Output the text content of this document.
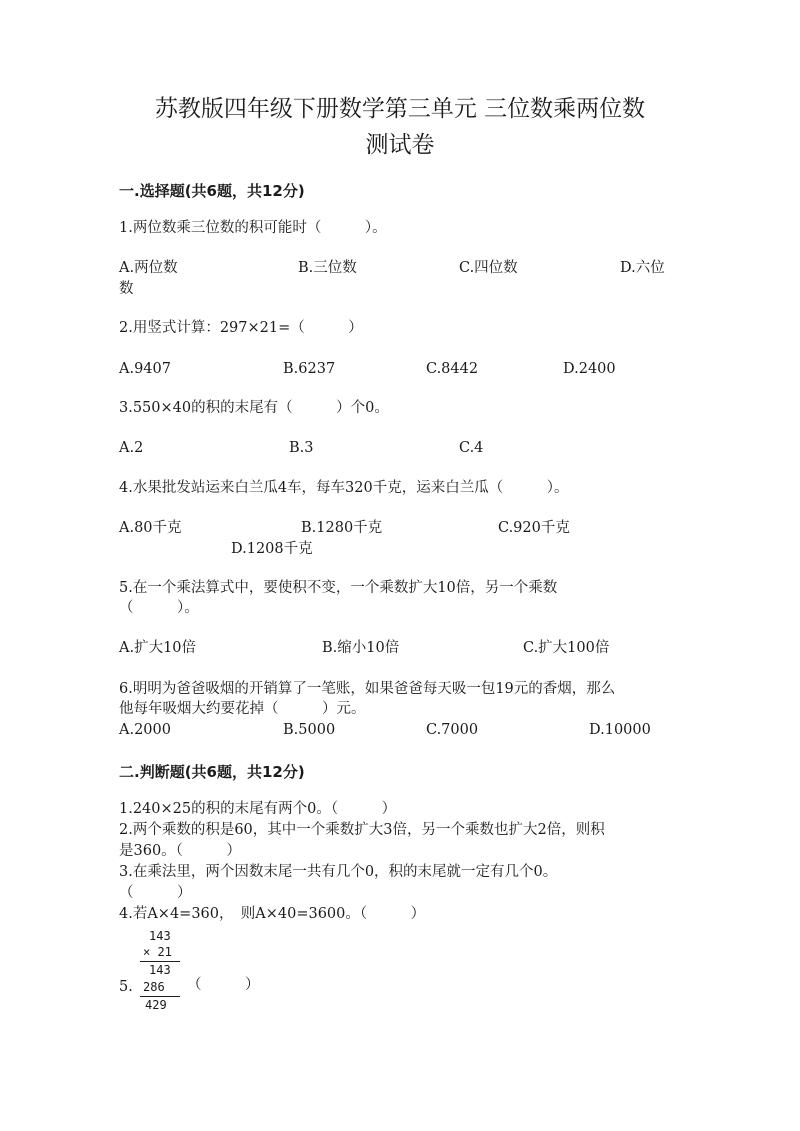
苏教版四年级下册数学第三单元 三位数乘两位数
测试卷
一.选择题(共6题，共12分)
1.两位数乘三位数的积可能时（　　　）。
A.两位数	B.三位数	C.四位数	D.六位
数
2.用竖式计算：297×21=（　　　）
A.9407	B.6237	C.8442	D.2400
3.550×40的积的末尾有（　　　）个0。
A.2	B.3	C.4
4.水果批发站运来白兰瓜4车，每车320千克，运来白兰瓜（　　　）。
A.80千克	B.1280千克	C.920千克
D.1208千克
5.在一个乘法算式中，要使积不变，一个乘数扩大10倍，另一个乘数
（　　　）。
A.扩大10倍	B.缩小10倍	C.扩大100倍
6.明明为爸爸吸烟的开销算了一笔账，如果爸爸每天吸一包19元的香烟，那么
他每年吸烟大约要花掉（　　　）元。
A.2000	B.5000	C.7000	D.10000
二.判断题(共6题，共12分)
1.240×25的积的末尾有两个0。（　　　）
2.两个乘数的积是60，其中一个乘数扩大3倍，另一个乘数也扩大2倍，则积
是360。（　　　）
3.在乘法里，两个因数末尾一共有几个0，积的末尾就一定有几个0。
（　　　）
4.若A×4=360，　则A×40=3600。（　　　）
143
× 21
143
286
429
5.	（　　　）
